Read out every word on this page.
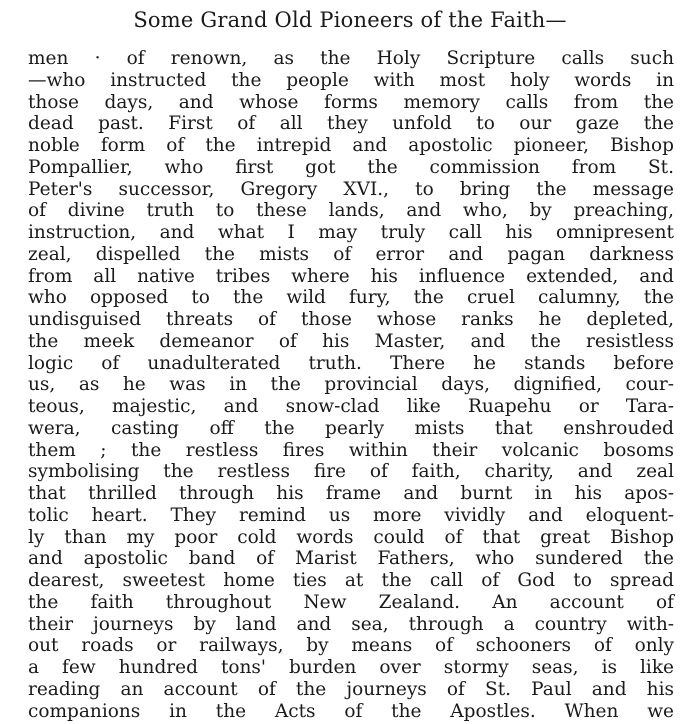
Some Grand Old Pioneers of the Faith—
men · of renown, as the Holy Scripture calls such
—who instructed the people with most holy words in
those days, and whose forms memory calls from the
dead past. First of all they unfold to our gaze the
noble form of the intrepid and apostolic pioneer, Bishop
Pompallier, who first got the commission from St.
Peter's successor, Gregory XVI., to bring the message
of divine truth to these lands, and who, by preaching,
instruction, and what I may truly call his omnipresent
zeal, dispelled the mists of error and pagan darkness
from all native tribes where his influence extended, and
who opposed to the wild fury, the cruel calumny, the
undisguised threats of those whose ranks he depleted,
the meek demeanor of his Master, and the resistless
logic of unadulterated truth. There he stands before
us, as he was in the provincial days, dignified, cour-
teous, majestic, and snow-clad like Ruapehu or Tara-
wera, casting off the pearly mists that enshrouded
them ; the restless fires within their volcanic bosoms
symbolising the restless fire of faith, charity, and zeal
that thrilled through his frame and burnt in his apos-
tolic heart. They remind us more vividly and eloquent-
ly than my poor cold words could of that great Bishop
and apostolic band of Marist Fathers, who sundered the
dearest, sweetest home ties at the call of God to spread
the faith throughout New Zealand. An account of
their journeys by land and sea, through a country with-
out roads or railways, by means of schooners of only
a few hundred tons' burden over stormy seas, is like
reading an account of the journeys of St. Paul and his
companions in the Acts of the Apostles. When we
